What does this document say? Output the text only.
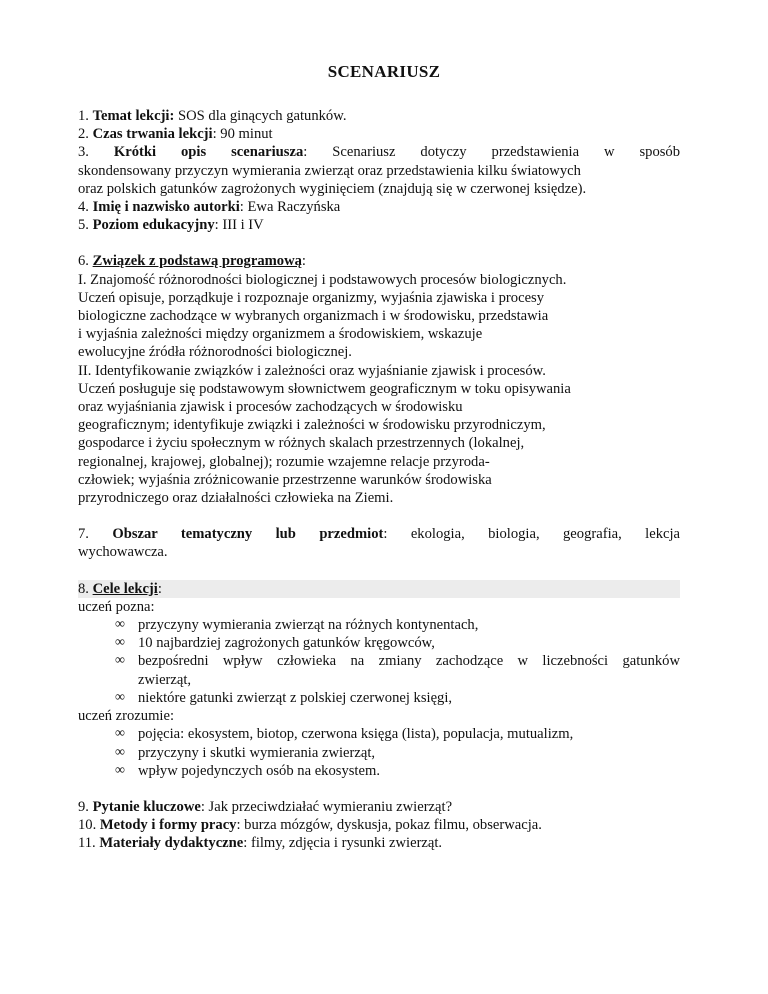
SCENARIUSZ
1. Temat lekcji: SOS dla ginących gatunków.
2. Czas trwania lekcji: 90 minut
3. Krótki opis scenariusza: Scenariusz dotyczy przedstawienia w sposób
skondensowany przyczyn wymierania zwierząt oraz przedstawienia kilku światowych
oraz polskich gatunków zagrożonych wyginięciem (znajdują się w czerwonej księdze).
4. Imię i nazwisko autorki: Ewa Raczyńska
5. Poziom edukacyjny: III i IV
6. Związek z podstawą programową:
I. Znajomość różnorodności biologicznej i podstawowych procesów biologicznych.
Uczeń opisuje, porządkuje i rozpoznaje organizmy, wyjaśnia zjawiska i procesy
biologiczne zachodzące w wybranych organizmach i w środowisku, przedstawia
i wyjaśnia zależności między organizmem a środowiskiem, wskazuje
ewolucyjne źródła różnorodności biologicznej.
II. Identyfikowanie związków i zależności oraz wyjaśnianie zjawisk i procesów.
Uczeń posługuje się podstawowym słownictwem geograficznym w toku opisywania
oraz wyjaśniania zjawisk i procesów zachodzących w środowisku
geograficznym; identyfikuje związki i zależności w środowisku przyrodniczym,
gospodarce i życiu społecznym w różnych skalach przestrzennych (lokalnej,
regionalnej, krajowej, globalnej); rozumie wzajemne relacje przyroda-
człowiek; wyjaśnia zróżnicowanie przestrzenne warunków środowiska
przyrodniczego oraz działalności człowieka na Ziemi.
7. Obszar tematyczny lub przedmiot: ekologia, biologia, geografia, lekcja
wychowawcza.
8. Cele lekcji:
uczeń pozna:
∞ przyczyny wymierania zwierząt na różnych kontynentach,
∞ 10 najbardziej zagrożonych gatunków kręgowców,
∞ bezpośredni wpływ człowieka na zmiany zachodzące w liczebności gatunków
zwierząt,
∞ niektóre gatunki zwierząt z polskiej czerwonej księgi,
uczeń zrozumie:
∞ pojęcia: ekosystem, biotop, czerwona księga (lista), populacja, mutualizm,
∞ przyczyny i skutki wymierania zwierząt,
∞ wpływ pojedynczych osób na ekosystem.
9. Pytanie kluczowe: Jak przeciwdziałać wymieraniu zwierząt?
10. Metody i formy pracy: burza mózgów, dyskusja, pokaz filmu, obserwacja.
11. Materiały dydaktyczne: filmy, zdjęcia i rysunki zwierząt.
